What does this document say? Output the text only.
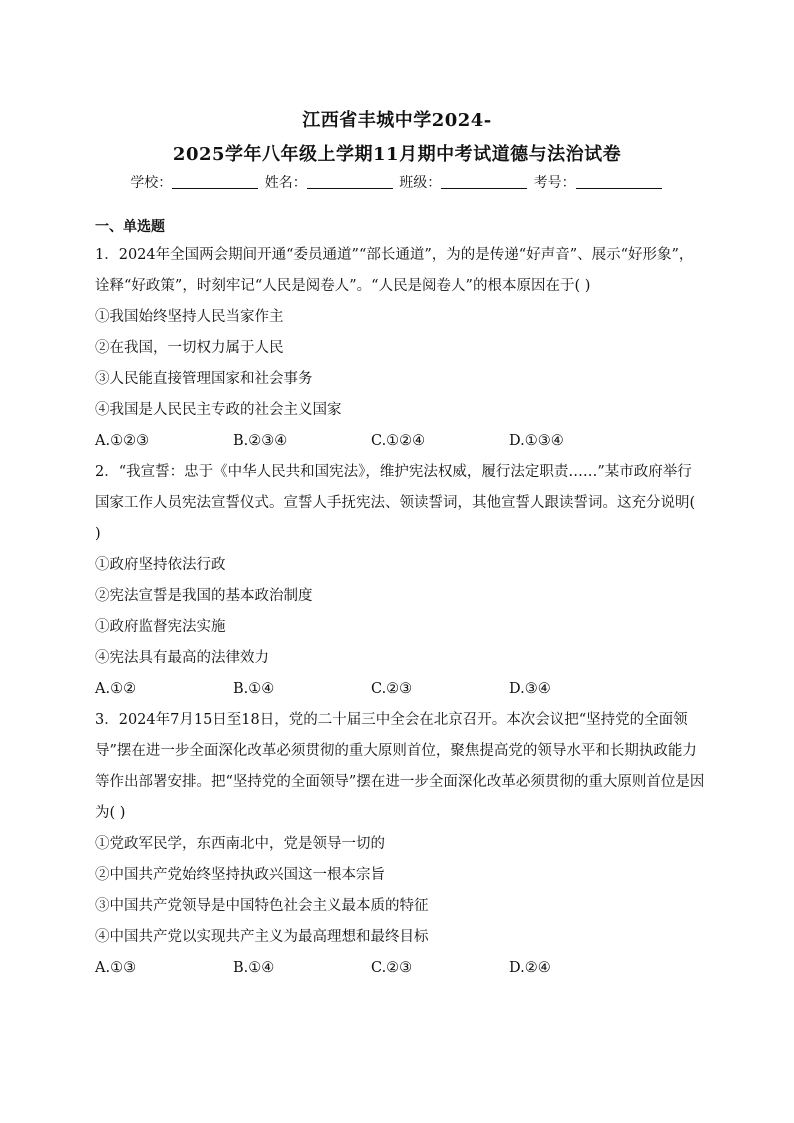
江西省丰城中学2024-
2025学年八年级上学期11月期中考试道德与法治试卷
学校：	姓名：	班级：	考号：
一、单选题

1．2024年全国两会期间开通“委员通道”“部长通道”，为的是传递“好声音”、展示“好形象”，诠释“好政策”，时刻牢记“人民是阅卷人”。“人民是阅卷人”的根本原因在于( )

①我国始终坚持人民当家作主

②在我国，一切权力属于人民

③人民能直接管理国家和社会事务

④我国是人民民主专政的社会主义国家

A.①②③	B.②③④	C.①②④	D.①③④

2．“我宣誓：忠于《中华人民共和国宪法》，维护宪法权威，履行法定职责……”某市政府举行国家工作人员宪法宣誓仪式。宣誓人手抚宪法、领读誓词，其他宣誓人跟读誓词。这充分说明( )

①政府坚持依法行政

②宪法宣誓是我国的基本政治制度

①政府监督宪法实施

④宪法具有最高的法律效力

A.①②	B.①④	C.②③	D.③④

3．2024年7月15日至18日，党的二十届三中全会在北京召开。本次会议把“坚持党的全面领导”摆在进一步全面深化改革必须贯彻的重大原则首位，聚焦提高党的领导水平和长期执政能力等作出部署安排。把“坚持党的全面领导”摆在进一步全面深化改革必须贯彻的重大原则首位是因为( )

①党政军民学，东西南北中，党是领导一切的

②中国共产党始终坚持执政兴国这一根本宗旨

③中国共产党领导是中国特色社会主义最本质的特征

④中国共产党以实现共产主义为最高理想和最终目标

A.①③	B.①④	C.②③	D.②④
